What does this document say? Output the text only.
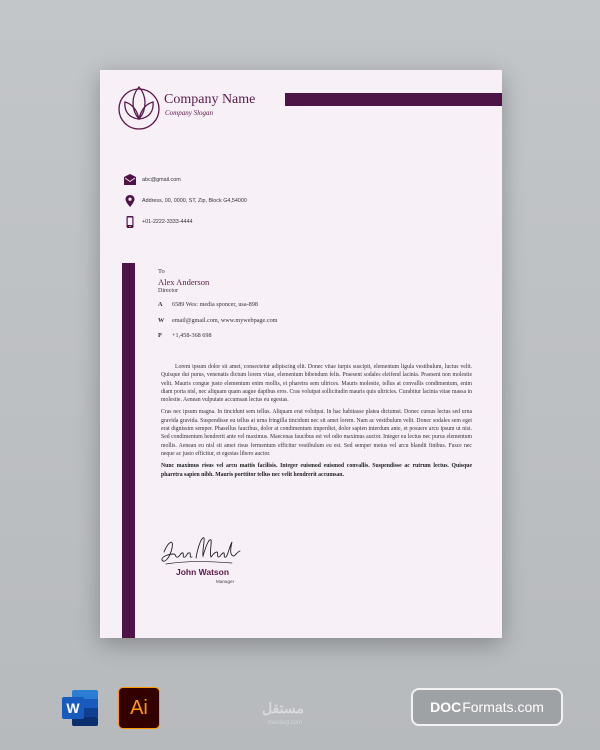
Company Name
Company Slogan
abc@gmail.com
Address, 00, 0000, ST, Zip, Block G4,54000
+01-2222-3333-4444
To
Alex Anderson
Director
A 6589 Wes: media sponcer, usa-898
W email@gmail.com, www.mywebpage.com
P +1,458-368 698

Lorem ipsum dolor sit amet, consectetur adipiscing elit. Donec vitae turpis suscipit, elementum ligula vestibulum, luctus velit. Quisque dui purus, venenatis dictum lorem vitae, elementum bibendum felis. Praesent sodales eleifend lacinia. Praesent non molestie velit. Mauris congue justo elementum enim mollis, et pharetra sem ultrices. Mauris molestie, tellus at convallis condimentum, enim diam porta nisl, nec aliquam quam augue dapibus eros. Cras volutpat sollicitudin mauris quis ultricies. Curabitur lacinia vitae massa in molestie. Aenean vulputate accumsan lectus eu egestas.

Cras nec ipsum magna. In tincidunt sem tellus. Aliquam erat volutpat. In hac habitasse platea dictumst. Donec cursus lectus sed urna gravida gravida. Suspendisse eu tellus at urna fringilla tincidunt nec sit amet lorem. Nam ac vestibulum velit. Donec sodales sem eget erat dignissim semper. Phasellus faucibus, dolor at condimentum imperdiet, dolor sapien interdum ante, et posuere arcu ipsum ut nisi. Sed condimentum hendrerit ante vel maximus. Maecenas faucibus est vel odio maximus auctor. Integer eu lectus nec purus elementum mollis. Aenean eu nisl sit amet risus fermentum efficitur vestibulum eu est. Sed semper metus vel arcu blandit finibus. Fusce nec neque ac justo efficitur, et egestas libero auctor.

Nunc maximus risus vel arcu mattis facilisis. Integer euismod euismod convallis. Suspendisse ac rutrum lectus. Quisque pharetra sapien nibh. Mauris porttitor tellus nec velit hendrerit accumsan.

John Watson
Manager
W	Ai	مستقل
mostaql.com
DOC Formats.com
